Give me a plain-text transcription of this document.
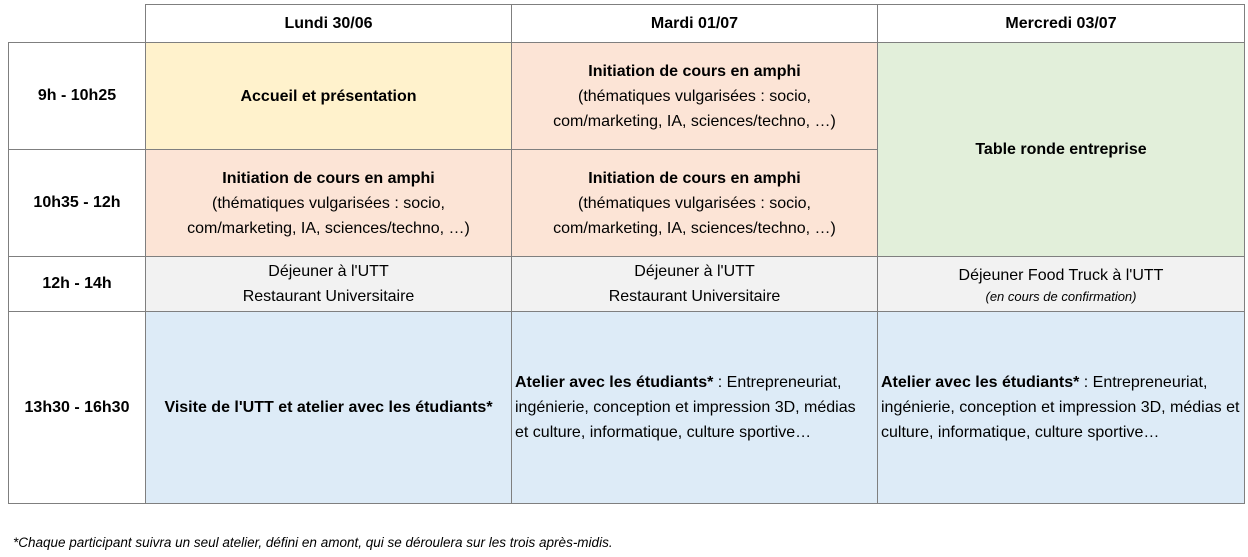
	Lundi 30/06	Mardi 01/07	Mercredi 03/07
9h - 10h25	Accueil et présentation	Initiation de cours en amphi
(thématiques vulgarisées : socio,
com/marketing, IA, sciences/techno, …)	Table ronde entreprise
10h35 - 12h	Initiation de cours en amphi
(thématiques vulgarisées : socio,
com/marketing, IA, sciences/techno, …)	Initiation de cours en amphi
(thématiques vulgarisées : socio,
com/marketing, IA, sciences/techno, …)	

12h - 14h	Déjeuner à l'UTT
Restaurant Universitaire	Déjeuner à l'UTT
Restaurant Universitaire	Déjeuner Food Truck à l'UTT
(en cours de confirmation)

13h30 - 16h30	Visite de l'UTT et atelier avec les étudiants*	Atelier avec les étudiants* : Entrepreneuriat, ingénierie, conception et impression 3D, médias et culture, informatique, culture sportive…	Atelier avec les étudiants* : Entrepreneuriat, ingénierie, conception et impression 3D, médias et culture, informatique, culture sportive…
*Chaque participant suivra un seul atelier, défini en amont, qui se déroulera sur les trois après-midis.
